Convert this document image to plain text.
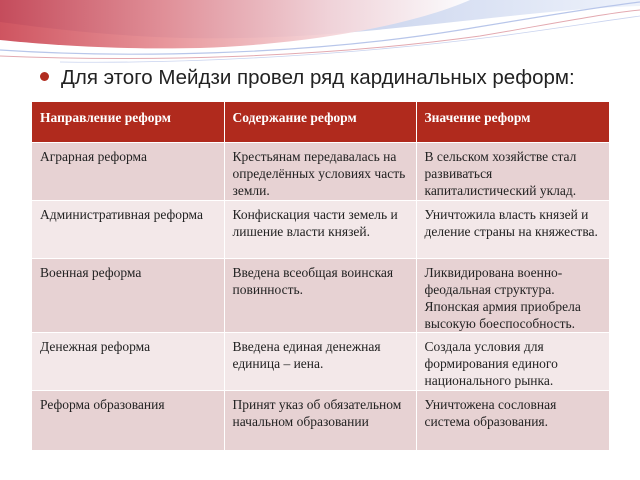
Для этого Мейдзи провел ряд кардинальных реформ:
Направление реформ	Содержание реформ	Значение реформ
Аграрная реформа	Крестьянам передавалась на определённых условиях часть земли.	В сельском хозяйстве стал развиваться капиталистический уклад.
Административная реформа	Конфискация части земель и лишение власти князей.	Уничтожила власть князей и деление страны на княжества.
Военная реформа	Введена всеобщая воинская повинность.	Ликвидирована военно-феодальная структура. Японская армия приобрела высокую боеспособность.
Денежная реформа	Введена единая денежная единица – иена.	Создала условия для формирования единого национального рынка.
Реформа образования	Принят указ об обязательном начальном образовании	Уничтожена сословная система образования.
